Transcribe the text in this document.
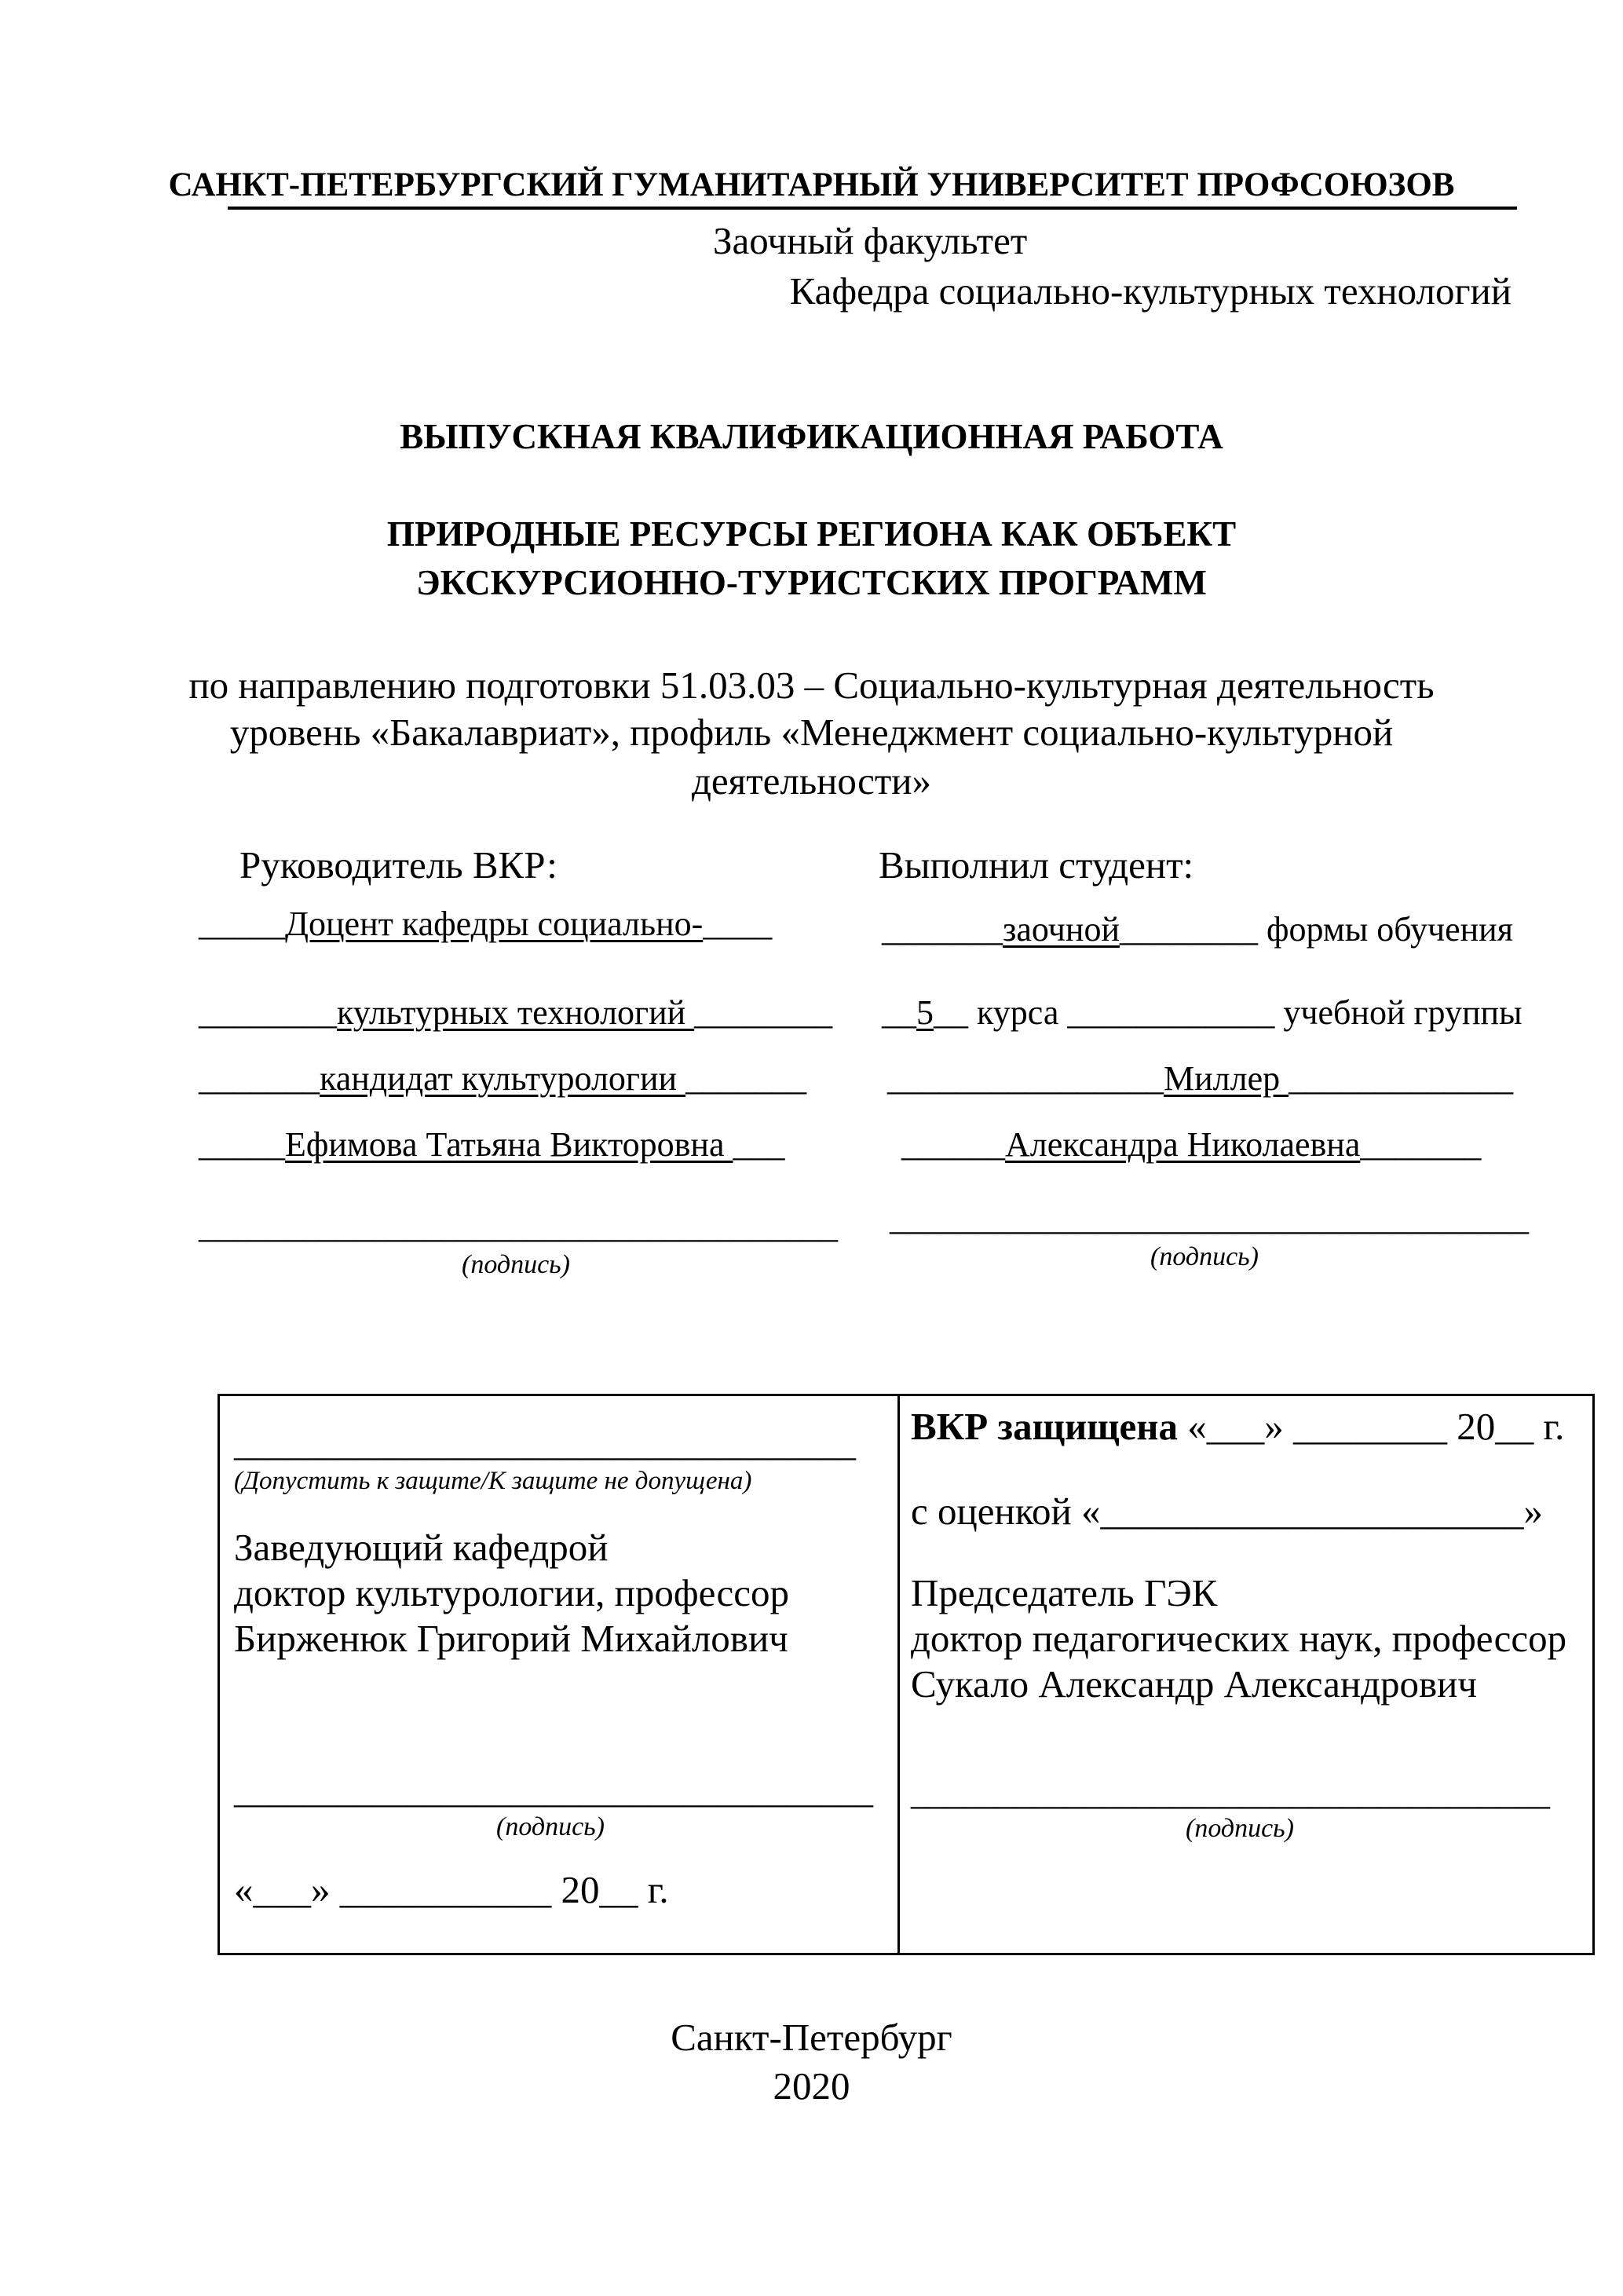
САНКТ-ПЕТЕРБУРГСКИЙ ГУМАНИТАРНЫЙ УНИВЕРСИТЕТ ПРОФСОЮЗОВ
Заочный факультет
Кафедра социально-культурных технологий
ВЫПУСКНАЯ КВАЛИФИКАЦИОННАЯ РАБОТА
ПРИРОДНЫЕ РЕСУРСЫ РЕГИОНА КАК ОБЪЕКТ
ЭКСКУРСИОННО-ТУРИСТСКИХ ПРОГРАММ
по направлению подготовки 51.03.03 – Социально-культурная деятельность
уровень «Бакалавриат», профиль «Менеджмент социально-культурной
деятельности»
Руководитель ВКР:
_____Доцент кафедры социально-____
________культурных технологий ________
_______кандидат культурологии _______
_____Ефимова Татьяна Викторовна ___
_____________________________________
(подпись)
Выполнил студент:
_______заочной________ формы обучения
__5__ курса ____________ учебной группы
________________Миллер _____________
______Александра Николаевна_______
_____________________________________
(подпись)
____________________________________
(Допустить к защите/К защите не допущена)
Заведующий кафедрой
доктор культурологии, профессор
Бирженюк Григорий Михайлович
_____________________________________
(подпись)
«___» ___________ 20__ г.
ВКР защищена «___» ________ 20__ г.
с оценкой «______________________»
Председатель ГЭК
доктор педагогических наук, профессор
Сукало Александр Александрович
_____________________________________
(подпись)
Санкт-Петербург
2020
